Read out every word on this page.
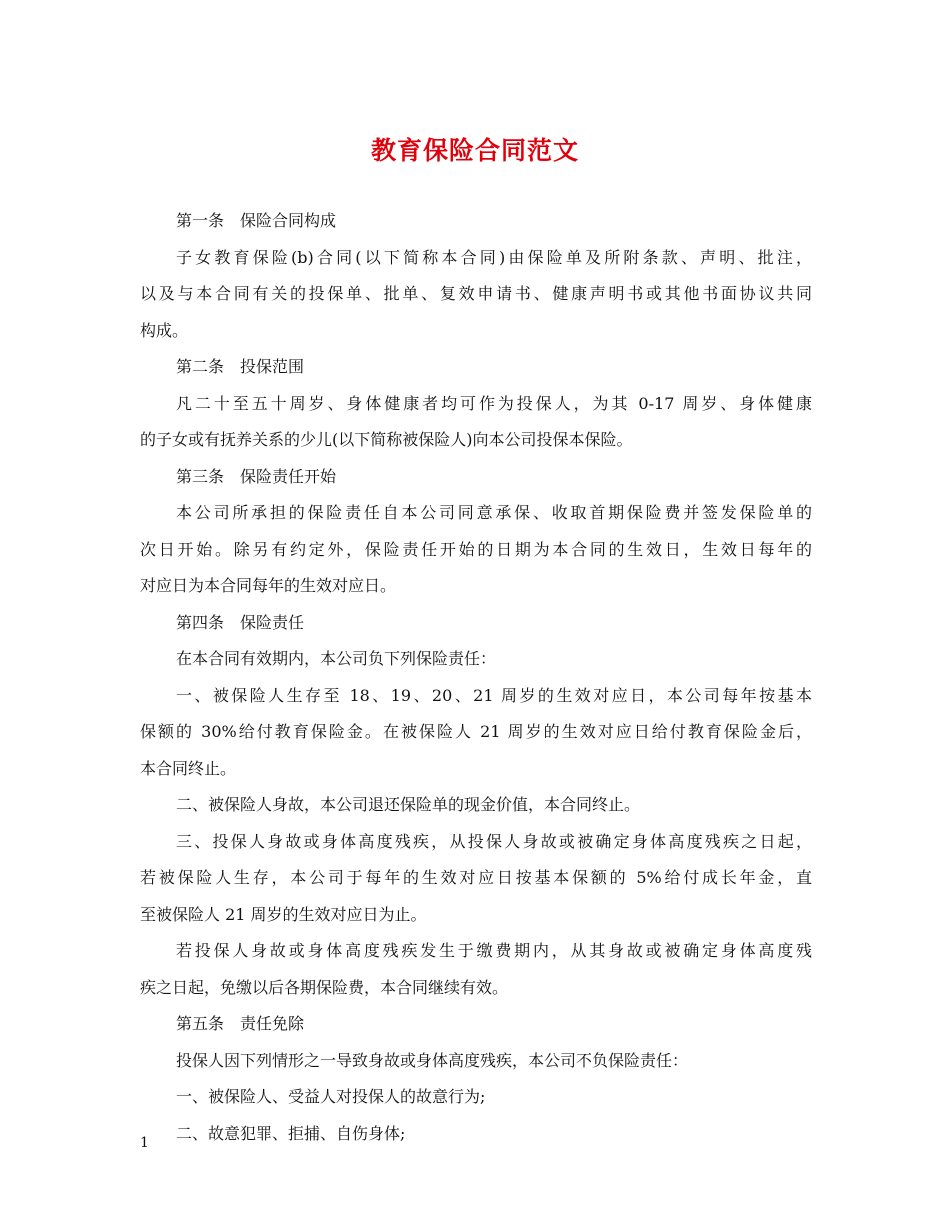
教育保险合同范文
第一条　保险合同构成
子女教育保险(b)合同(以下简称本合同)由保险单及所附条款、声明、批注，
以及与本合同有关的投保单、批单、复效申请书、健康声明书或其他书面协议共同
构成。
第二条　投保范围
凡二十至五十周岁、身体健康者均可作为投保人，为其 0-17 周岁、身体健康
的子女或有抚养关系的少儿(以下简称被保险人)向本公司投保本保险。
第三条　保险责任开始
本公司所承担的保险责任自本公司同意承保、收取首期保险费并签发保险单的
次日开始。除另有约定外，保险责任开始的日期为本合同的生效日，生效日每年的
对应日为本合同每年的生效对应日。
第四条　保险责任
在本合同有效期内，本公司负下列保险责任：
一、被保险人生存至 18、19、20、21 周岁的生效对应日，本公司每年按基本
保额的 30%给付教育保险金。在被保险人 21 周岁的生效对应日给付教育保险金后，
本合同终止。
二、被保险人身故，本公司退还保险单的现金价值，本合同终止。
三、投保人身故或身体高度残疾，从投保人身故或被确定身体高度残疾之日起，
若被保险人生存，本公司于每年的生效对应日按基本保额的 5%给付成长年金，直
至被保险人 21 周岁的生效对应日为止。
若投保人身故或身体高度残疾发生于缴费期内，从其身故或被确定身体高度残
疾之日起，免缴以后各期保险费，本合同继续有效。
第五条　责任免除
投保人因下列情形之一导致身故或身体高度残疾，本公司不负保险责任：
一、被保险人、受益人对投保人的故意行为;
二、故意犯罪、拒捕、自伤身体;
1
